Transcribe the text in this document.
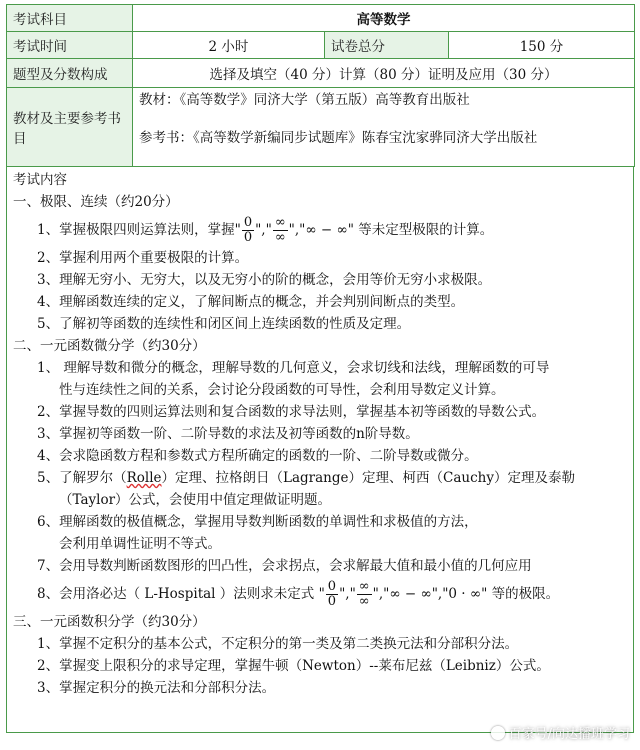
考试科目	高等数学		
考试时间	2 小时	试卷总分	150 分
题型及分数构成	选择及填空（40 分）计算（80 分）证明及应用（30 分）		
教材及主要参考书目	教材：《高等数学》同济大学（第五版）高等教育出版社
参考书：《高等数学新编同步试题库》陈春宝沈家骅同济大学出版社		
考试内容
一、极限、连续（约20分）
1、掌握极限四则运算法则，掌握" $\frac{0}{0}$ "," $\frac{\infty}{\infty}$ ","∞ − ∞" 等未定型极限的计算。
2、掌握利用两个重要极限的计算。
3、理解无穷小、无穷大，以及无穷小的阶的概念，会用等价无穷小求极限。
4、理解函数连续的定义，了解间断点的概念，并会判别间断点的类型。
5、了解初等函数的连续性和闭区间上连续函数的性质及定理。
二、一元函数微分学（约30分）
1、 理解导数和微分的概念，理解导数的几何意义，会求切线和法线，理解函数的可导
性与连续性之间的关系，会讨论分段函数的可导性，会利用导数定义计算。
2、掌握导数的四则运算法则和复合函数的求导法则，掌握基本初等函数的导数公式。
3、掌握初等函数一阶、二阶导数的求法及初等函数的n阶导数。
4、会求隐函数方程和参数式方程所确定的函数的一阶、二阶导数或微分。
5、了解罗尔（Rolle）定理、拉格朗日（Lagrange）定理、柯西（Cauchy）定理及泰勒
（Taylor）公式，会使用中值定理做证明题。
6、理解函数的极值概念，掌握用导数判断函数的单调性和求极值的方法，
会利用单调性证明不等式。
7、会用导数判断函数图形的凹凸性，会求拐点，会求解最大值和最小值的几何应用
8、会用洛必达（ L-Hospital ）法则求未定式 " $\frac{0}{0}$ "," $\frac{\infty}{\infty}$ ","∞ − ∞","0 · ∞" 等的极限。
三、一元函数积分学（约30分）
1、掌握不定积分的基本公式，不定积分的第一类及第二类换元法和分部积分法。
2、掌握变上限积分的求导定理，掌握牛顿（Newton）--莱布尼兹（Leibniz）公式。
3、掌握定积分的换元法和分部积分法。
百家号/向达播班学习
